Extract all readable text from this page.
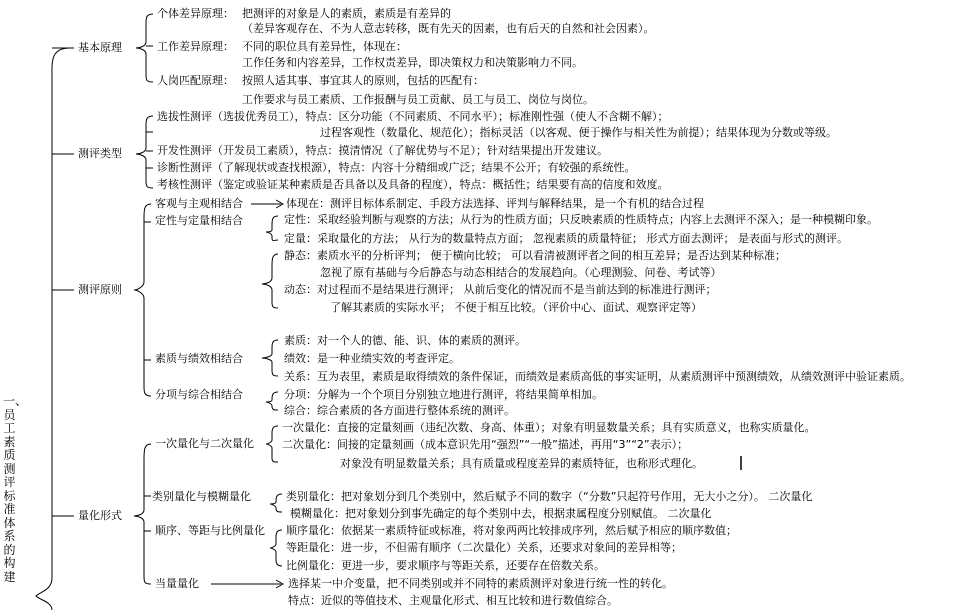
一、员工素质测评标准体系的构建
基本原理
测评类型
测评原则
量化形式
个体差异原理： 把测评的对象是人的素质，素质是有差异的
（差异客观存在、不为人意志转移，既有先天的因素，也有后天的自然和社会因素）。
工作差异原理： 不同的职位具有差异性，体现在：
工作任务和内容差异，工作权责差异，即决策权力和决策影响力不同。
人岗匹配原理： 按照人适其事、事宜其人的原则，包括的匹配有：
工作要求与员工素质、工作报酬与员工贡献、员工与员工、岗位与岗位。
选拔性测评（选拔优秀员工），特点：区分功能（不同素质、不同水平）；标准刚性强（使人不含糊不解）；
过程客观性（数量化、规范化）；指标灵活（以客观、便于操作与相关性为前提）；结果体现为分数或等级。
开发性测评（开发员工素质），特点：摸清情况（了解优势与不足）；针对结果提出开发建议。
诊断性测评（了解现状或查找根源），特点：内容十分精细或广泛；结果不公开；有较强的系统性。
考核性测评（鉴定或验证某种素质是否具备以及具备的程度），特点：概括性；结果要有高的信度和效度。
客观与主观相结合	体现在：测评目标体系制定、手段方法选择、评判与解释结果，是一个有机的结合过程
定性与定量相结合	定性：采取经验判断与观察的方法；从行为的性质方面；只反映素质的性质特点；内容上去测评不深入；是一种模糊印象。
定量：采取量化的方法； 从行为的数量特点方面； 忽视素质的质量特征； 形式方面去测评； 是表面与形式的测评。
静态：素质水平的分析评判； 便于横向比较； 可以看清被测评者之间的相互差异；是否达到某种标准；
忽视了原有基础与今后静态与动态相结合的发展趋向。（心理测验、问卷、考试等）
动态：对过程而不是结果进行测评； 从前后变化的情况而不是当前达到的标准进行测评；
了解其素质的实际水平； 不便于相互比较。（评价中心、面试、观察评定等）
素质与绩效相结合
素质：对一个人的德、能、识、体的素质的测评。
绩效：是一种业绩实效的考查评定。
关系：互为表里，素质是取得绩效的条件保证，而绩效是素质高低的事实证明，从素质测评中预测绩效，从绩效测评中验证素质。
分项与综合相结合	分项：分解为一个个项目分别独立地进行测评，将结果简单相加。
综合：综合素质的各方面进行整体系统的测评。
一次量化与二次量化
一次量化：直接的定量刻画（违纪次数、身高、体重）；对象有明显数量关系；具有实质意义，也称实质量化。
二次量化：间接的定量刻画（成本意识先用“强烈”“一般”描述，再用“3”“2”表示）；
对象没有明显数量关系；具有质量或程度差异的素质特征，也称形式理化。
类别量化与模糊量化	类别量化：把对象划分到几个类别中，然后赋予不同的数字（“分数”只起符号作用，无大小之分）。 二次量化
模糊量化：把对象划分到事先确定的每个类别中去，根据隶属程度分别赋值。 二次量化
顺序、等距与比例量化 顺序量化：依据某一素质特征或标准，将对象两两比较排成序列，然后赋予相应的顺序数值；
等距量化：进一步，不但需有顺序（二次量化）关系，还要求对象间的差异相等；
比例量化：更进一步，要求顺序与等距关系，还要存在倍数关系。
当量量化	选择某一中介变量，把不同类别或并不同特的素质测评对象进行统一性的转化。
特点：近似的等值技术、主观量化形式、相互比较和进行数值综合。
